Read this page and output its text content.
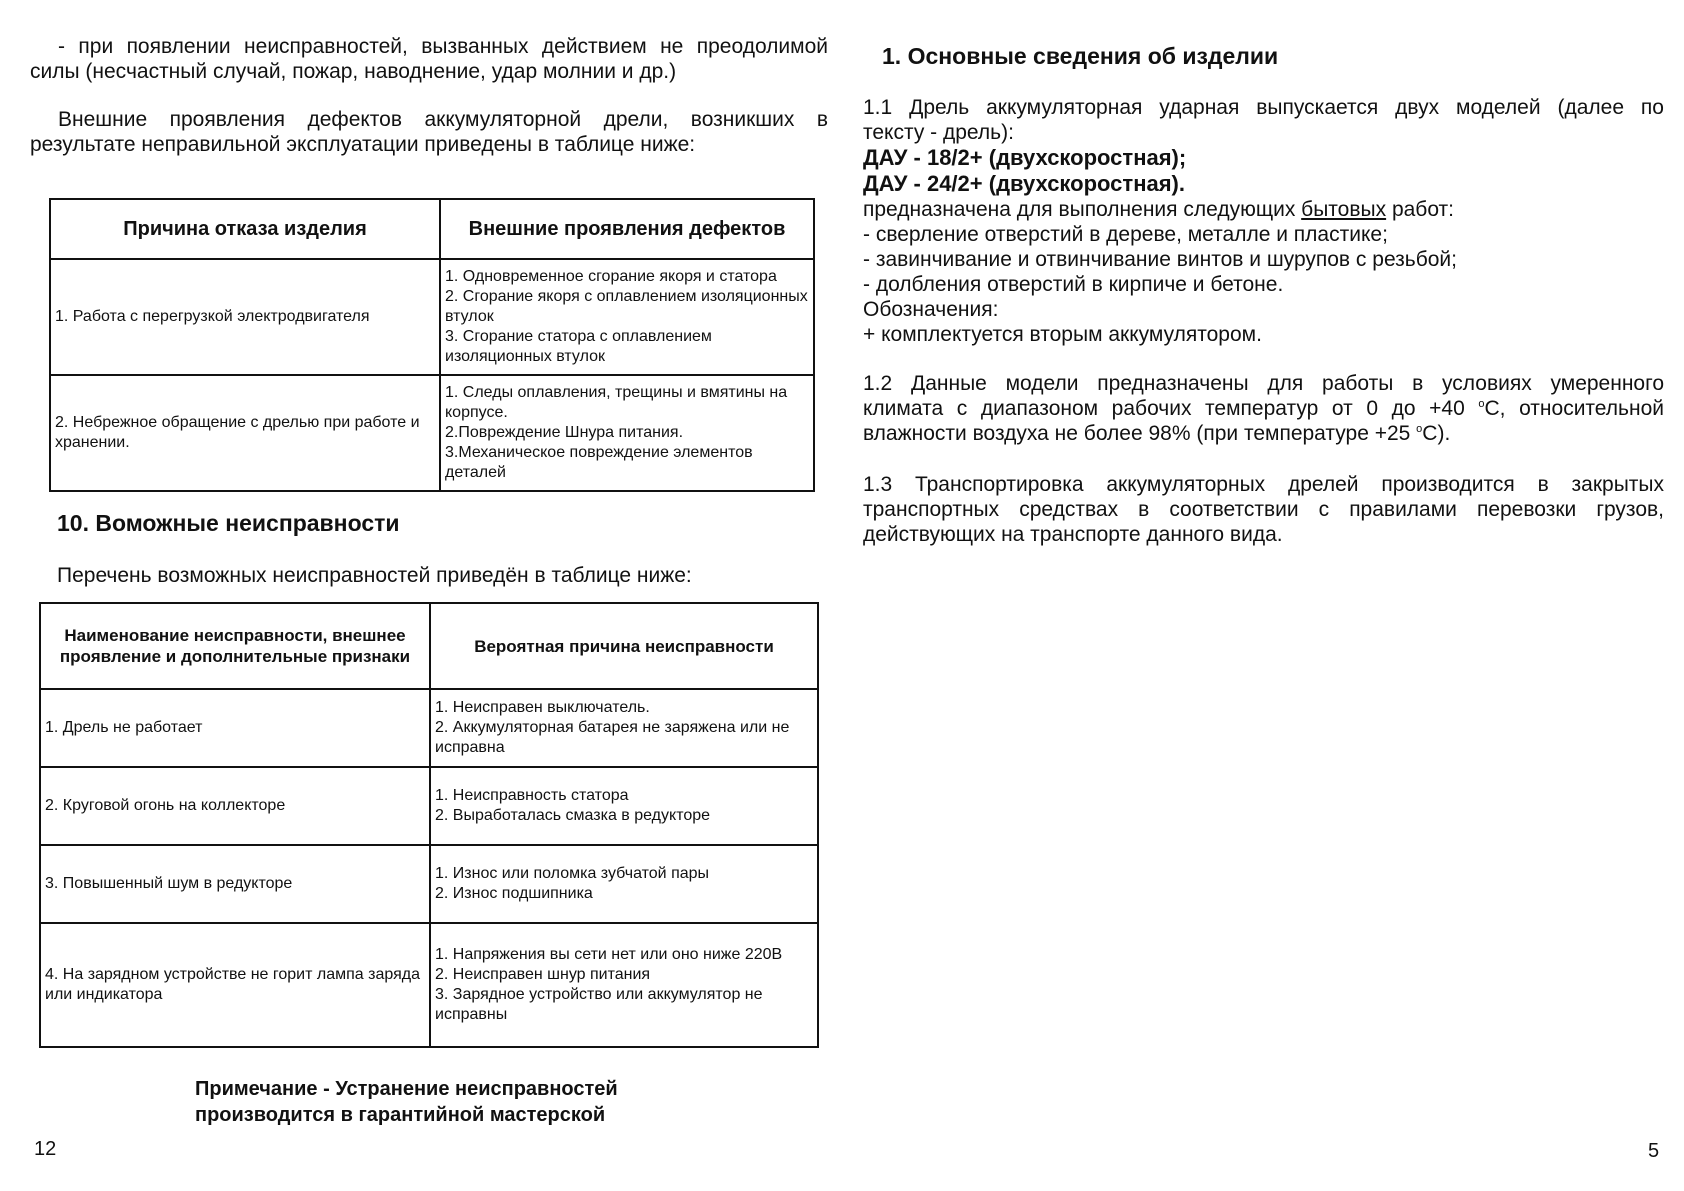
- при появлении неисправностей, вызванных действием не преодолимой
силы (несчастный случай, пожар, наводнение, удар молнии и др.)
Внешние проявления дефектов аккумуляторной дрели, возникших в
результате неправильной эксплуатации приведены в таблице ниже:
Причина отказа изделия	Внешние проявления дефектов
1. Работа с перегрузкой электродвигателя	1. Одновременное сгорание якоря и статора
2. Сгорание якоря с оплавлением изоляционных втулок
3. Сгорание статора с оплавлением изоляционных втулок
2. Небрежное обращение с дрелью при работе и хранении.	1. Следы оплавления, трещины и вмятины на корпусе.
2.Повреждение Шнура питания.
3.Механическое повреждение элементов деталей
10. Воможные неисправности
Перечень возможных неисправностей приведён в таблице ниже:
Наименование неисправности, внешнее проявление и дополнительные признаки	Вероятная причина неисправности
1. Дрель не работает	1. Неисправен выключатель.
2. Аккумуляторная батарея не заряжена или не исправна
2. Круговой огонь на коллекторе	1. Неисправность статора
2. Выработалась смазка в редукторе
3. Повышенный шум в редукторе	1. Износ или поломка зубчатой пары
2. Износ подшипника
4. На зарядном устройстве не горит лампа заряда или индикатора	1. Напряжения вы сети нет или оно ниже 220В
2. Неисправен шнур питания
3. Зарядное устройство или аккумулятор не исправны
Примечание - Устранение неисправностей
производится в гарантийной мастерской
12
1. Основные сведения об изделии
1.1 Дрель аккумуляторная ударная выпускается двух моделей (далее по
тексту - дрель):
ДАУ - 18/2+ (двухскоростная);
ДАУ - 24/2+ (двухскоростная).
предназначена для выполнения следующих бытовых работ:
- сверление отверстий в дереве, металле и пластике;
- завинчивание и отвинчивание винтов и шурупов с резьбой;
- долбления отверстий в кирпиче и бетоне.
Обозначения:
+ комплектуется вторым аккумулятором.
1.2 Данные модели предназначены для работы в условиях умеренного
климата с диапазоном рабочих температур от 0 до +40 $^о$С, относительной
влажности воздуха не более 98% (при температуре +25 $^о$С).
1.3 Транспортировка аккумуляторных дрелей производится в закрытых
транспортных средствах в соответствии с правилами перевозки грузов,
действующих на транспорте данного вида.
5
